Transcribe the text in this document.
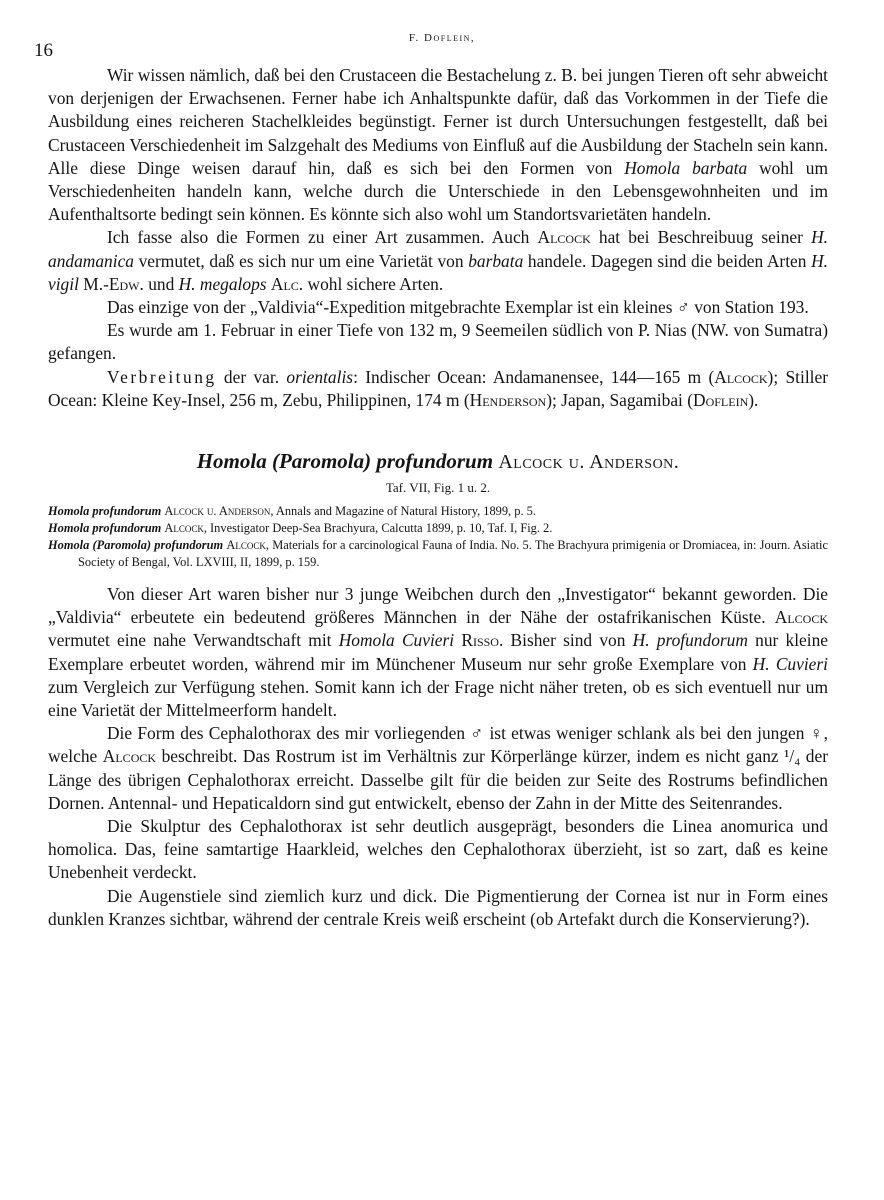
16
F. Doflein,

Wir wissen nämlich, daß bei den Crustaceen die Bestachelung z. B. bei jungen Tieren oft sehr abweicht von derjenigen der Erwachsenen. Ferner habe ich Anhaltspunkte dafür, daß das Vorkommen in der Tiefe die Ausbildung eines reicheren Stachelkleides begünstigt. Ferner ist durch Untersuchungen festgestellt, daß bei Crustaceen Verschiedenheit im Salzgehalt des Mediums von Einfluß auf die Ausbildung der Stacheln sein kann. Alle diese Dinge weisen darauf hin, daß es sich bei den Formen von Homola barbata wohl um Verschiedenheiten handeln kann, welche durch die Unterschiede in den Lebensgewohnheiten und im Aufenthaltsorte bedingt sein können. Es könnte sich also wohl um Standortsvarietäten handeln.

Ich fasse also die Formen zu einer Art zusammen. Auch Alcock hat bei Beschreibuug seiner H. andamanica vermutet, daß es sich nur um eine Varietät von barbata handele. Dagegen sind die beiden Arten H. vigil M.-Edw. und H. megalops Alc. wohl sichere Arten.

Das einzige von der „Valdivia“-Expedition mitgebrachte Exemplar ist ein kleines ♂ von Station 193.

Es wurde am 1. Februar in einer Tiefe von 132 m, 9 Seemeilen südlich von P. Nias (NW. von Sumatra) gefangen.

Verbreitung der var. orientalis: Indischer Ocean: Andamanensee, 144—165 m (Alcock); Stiller Ocean: Kleine Key-Insel, 256 m, Zebu, Philippinen, 174 m (Henderson); Japan, Sagamibai (Doflein).

Homola (Paromola) profundorum Alcock u. Anderson.
Taf. VII, Fig. 1 u. 2.
Homola profundorum Alcock u. Anderson, Annals and Magazine of Natural History, 1899, p. 5.
Homola profundorum Alcock, Investigator Deep-Sea Brachyura, Calcutta 1899, p. 10, Taf. I, Fig. 2.
Homola (Paromola) profundorum Alcock, Materials for a carcinological Fauna of India. No. 5. The Brachyura primigenia or Dromiacea, in: Journ. Asiatic Society of Bengal, Vol. LXVIII, II, 1899, p. 159.

Von dieser Art waren bisher nur 3 junge Weibchen durch den „Investigator“ bekannt geworden. Die „Valdivia“ erbeutete ein bedeutend größeres Männchen in der Nähe der ostafrikanischen Küste. Alcock vermutet eine nahe Verwandtschaft mit Homola Cuvieri Risso. Bisher sind von H. profundorum nur kleine Exemplare erbeutet worden, während mir im Münchener Museum nur sehr große Exemplare von H. Cuvieri zum Vergleich zur Verfügung stehen. Somit kann ich der Frage nicht näher treten, ob es sich eventuell nur um eine Varietät der Mittelmeerform handelt.

Die Form des Cephalothorax des mir vorliegenden ♂ ist etwas weniger schlank als bei den jungen ♀, welche Alcock beschreibt. Das Rostrum ist im Verhältnis zur Körperlänge kürzer, indem es nicht ganz ¹/₄ der Länge des übrigen Cephalothorax erreicht. Dasselbe gilt für die beiden zur Seite des Rostrums befindlichen Dornen. Antennal- und Hepaticaldorn sind gut entwickelt, ebenso der Zahn in der Mitte des Seitenrandes.

Die Skulptur des Cephalothorax ist sehr deutlich ausgeprägt, besonders die Linea anomurica und homolica. Das, feine samtartige Haarkleid, welches den Cephalothorax überzieht, ist so zart, daß es keine Unebenheit verdeckt.

Die Augenstiele sind ziemlich kurz und dick. Die Pigmentierung der Cornea ist nur in Form eines dunklen Kranzes sichtbar, während der centrale Kreis weiß erscheint (ob Artefakt durch die Konservierung?).
